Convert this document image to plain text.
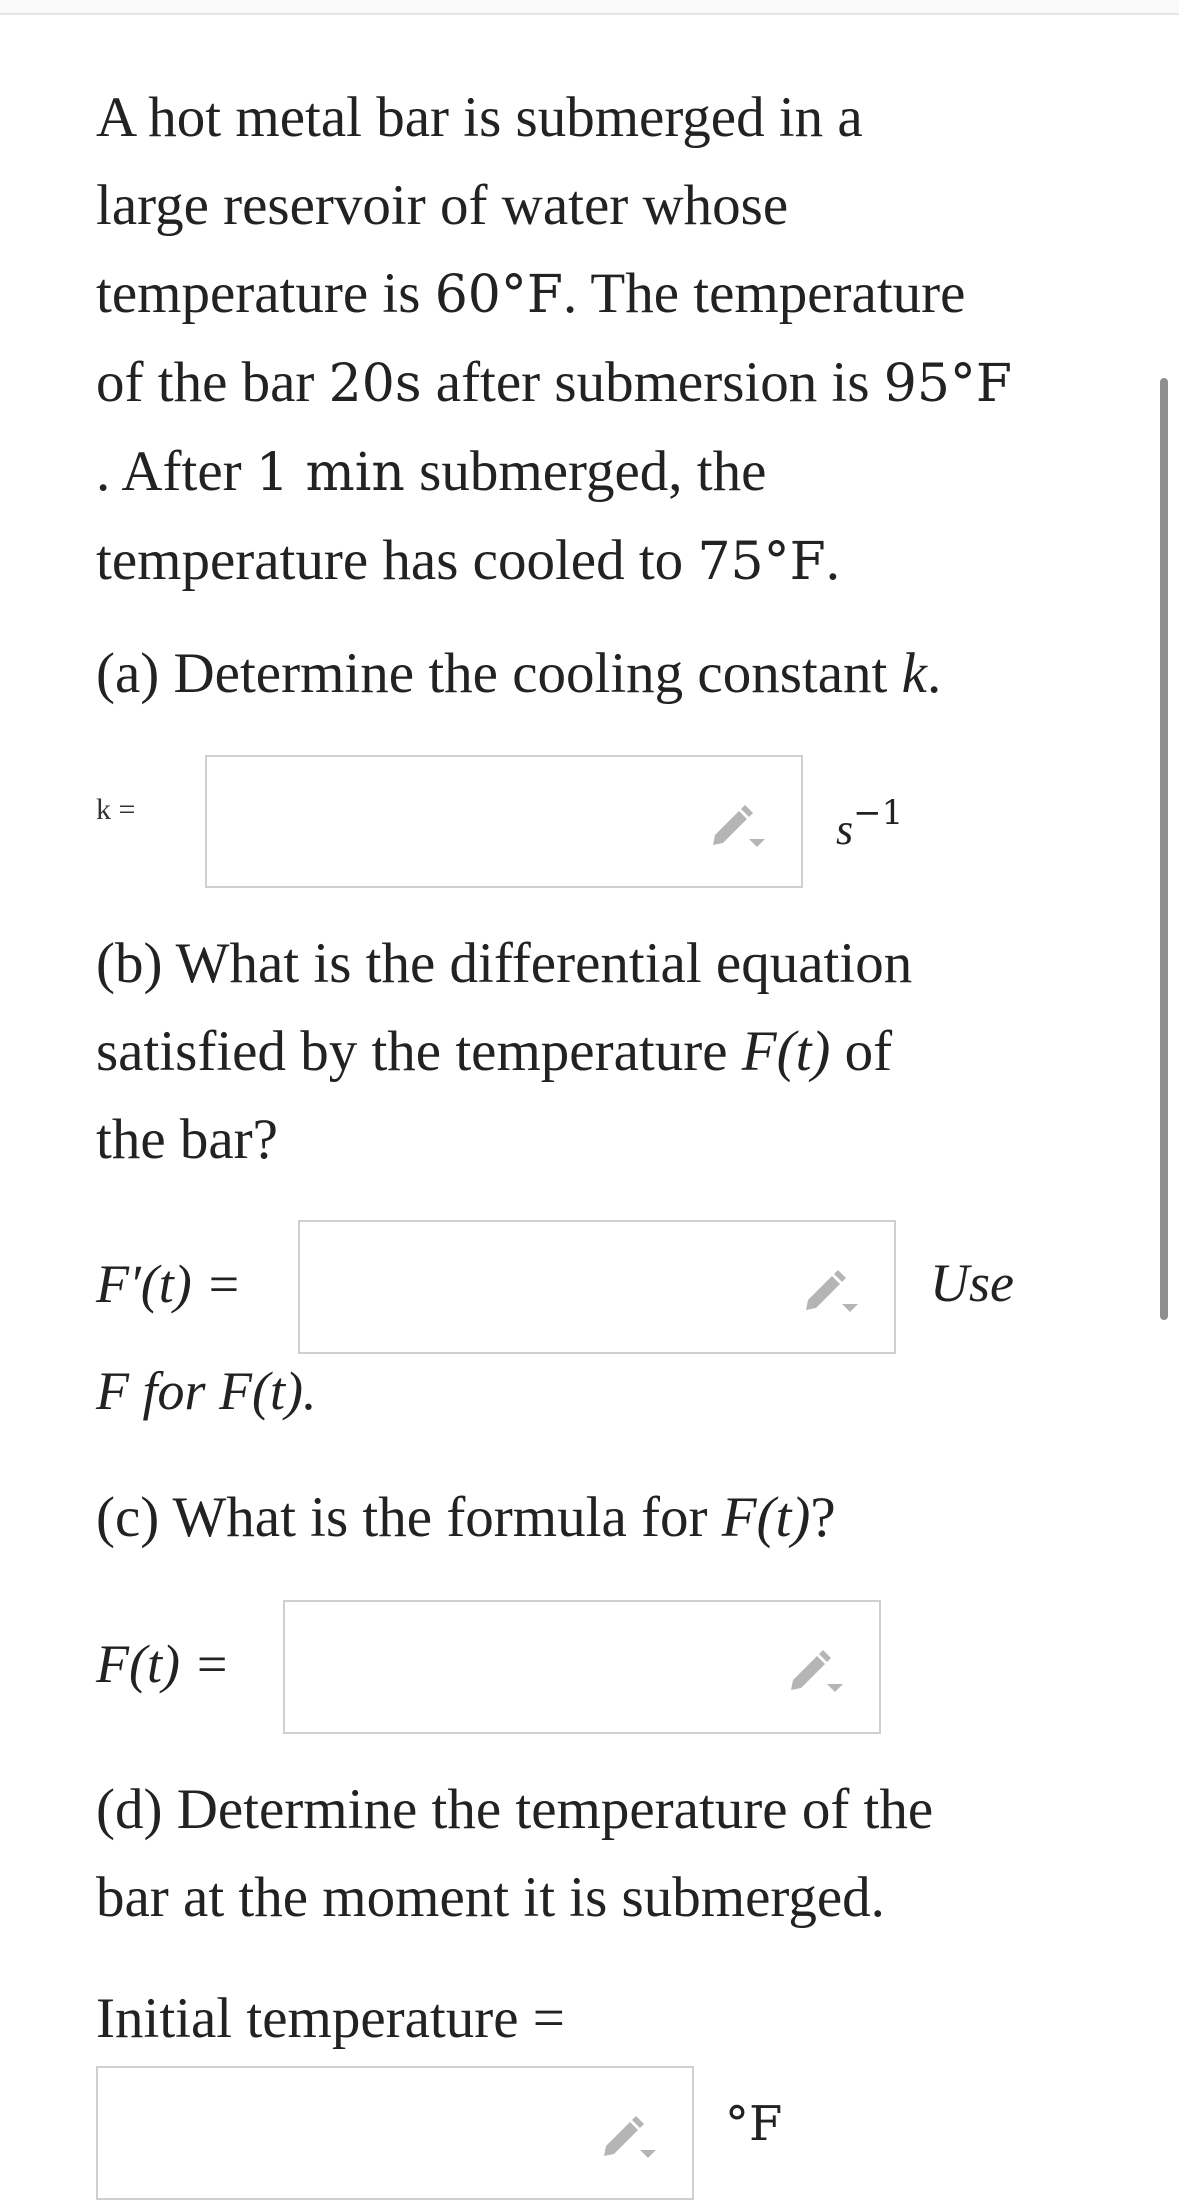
A hot metal bar is submerged in a
large reservoir of water whose
temperature is 60°F. The temperature
of the bar 20s after submersion is 95°F
. After 1 min submerged, the
temperature has cooled to 75°F.

(a) Determine the cooling constant k.

k =	$s^{-1}$

(b) What is the differential equation
satisfied by the temperature F(t) of
the bar?

F′(t) =	Use
F for F(t).

(c) What is the formula for F(t)?

F(t) =

(d) Determine the temperature of the
bar at the moment it is submerged.

Initial temperature =
°F
